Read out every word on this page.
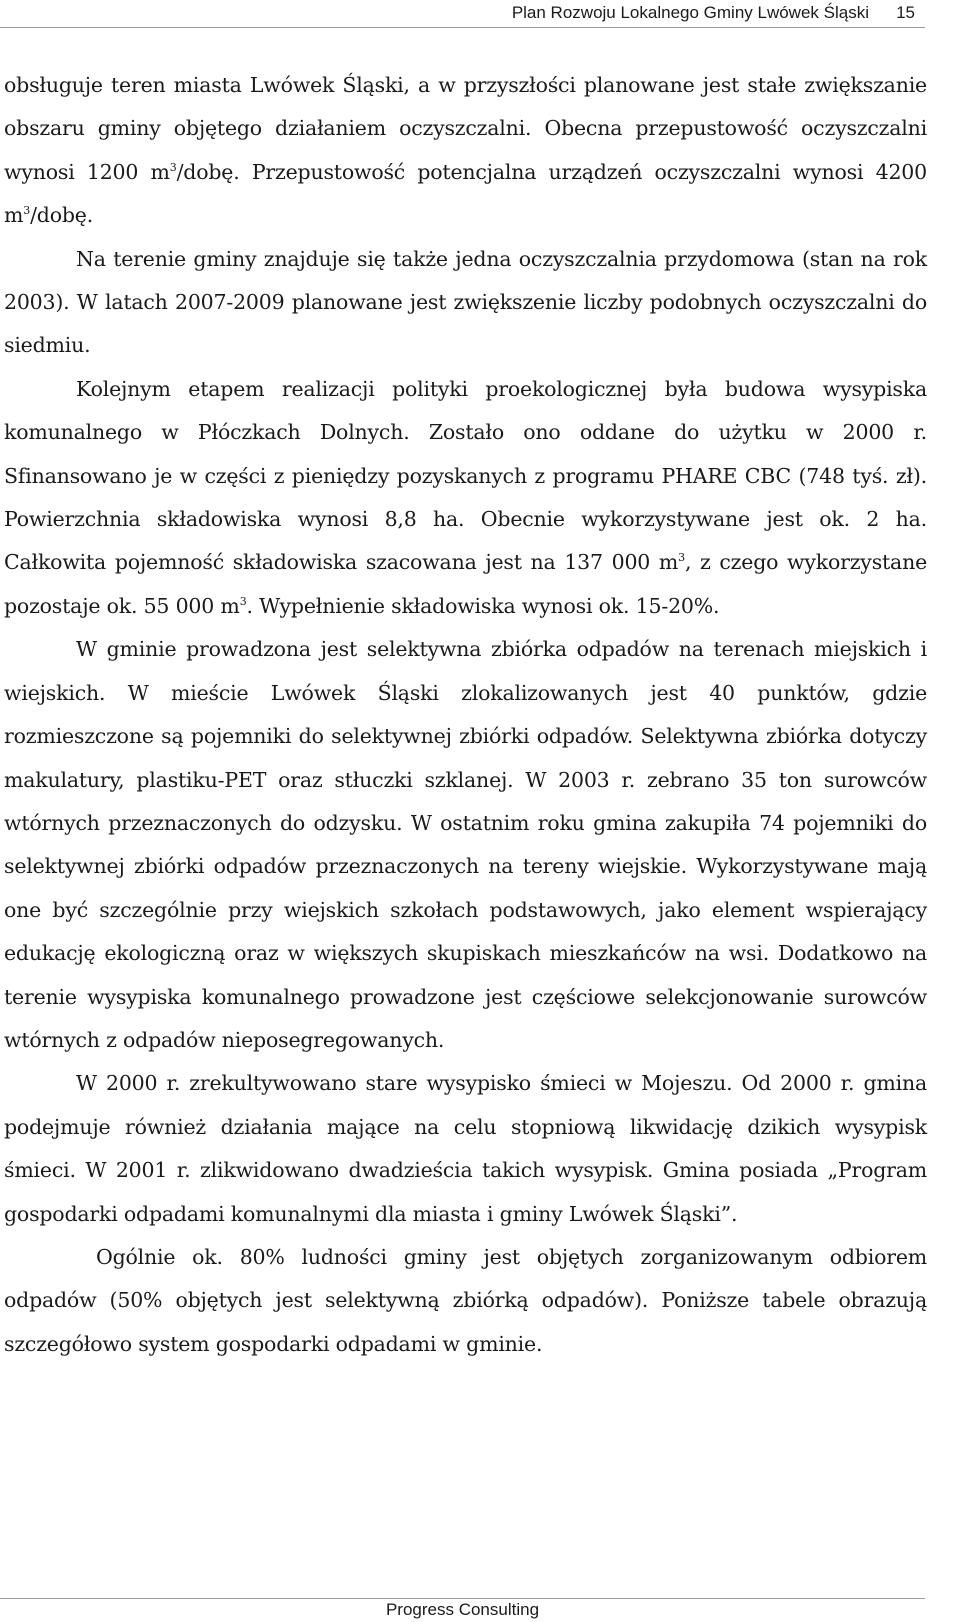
Plan Rozwoju Lokalnego Gminy Lwówek Śląski 15

obsługuje teren miasta Lwówek Śląski, a w przyszłości planowane jest stałe zwiększanie obszaru gminy objętego działaniem oczyszczalni. Obecna przepustowość oczyszczalni wynosi 1200 $m^3$/dobę. Przepustowość potencjalna urządzeń oczyszczalni wynosi 4200 $m^3$/dobę.

Na terenie gminy znajduje się także jedna oczyszczalnia przydomowa (stan na rok 2003). W latach 2007-2009 planowane jest zwiększenie liczby podobnych oczyszczalni do siedmiu.

Kolejnym etapem realizacji polityki proekologicznej była budowa wysypiska komunalnego w Płóczkach Dolnych. Zostało ono oddane do użytku w 2000 r. Sfinansowano je w części z pieniędzy pozyskanych z programu PHARE CBC (748 tyś. zł). Powierzchnia składowiska wynosi 8,8 ha. Obecnie wykorzystywane jest ok. 2 ha. Całkowita pojemność składowiska szacowana jest na 137 000 $m^3$, z czego wykorzystane pozostaje ok. 55 000 $m^3$. Wypełnienie składowiska wynosi ok. 15-20%.

W gminie prowadzona jest selektywna zbiórka odpadów na terenach miejskich i wiejskich. W mieście Lwówek Śląski zlokalizowanych jest 40 punktów, gdzie rozmieszczone są pojemniki do selektywnej zbiórki odpadów. Selektywna zbiórka dotyczy makulatury, plastiku-PET oraz stłuczki szklanej. W 2003 r. zebrano 35 ton surowców wtórnych przeznaczonych do odzysku. W ostatnim roku gmina zakupiła 74 pojemniki do selektywnej zbiórki odpadów przeznaczonych na tereny wiejskie. Wykorzystywane mają one być szczególnie przy wiejskich szkołach podstawowych, jako element wspierający edukację ekologiczną oraz w większych skupiskach mieszkańców na wsi. Dodatkowo na terenie wysypiska komunalnego prowadzone jest częściowe selekcjonowanie surowców wtórnych z odpadów nieposegregowanych.

W 2000 r. zrekultywowano stare wysypisko śmieci w Mojeszu. Od 2000 r. gmina podejmuje również działania mające na celu stopniową likwidację dzikich wysypisk śmieci. W 2001 r. zlikwidowano dwadzieścia takich wysypisk. Gmina posiada „Program gospodarki odpadami komunalnymi dla miasta i gminy Lwówek Śląski”.

Ogólnie ok. 80% ludności gminy jest objętych zorganizowanym odbiorem odpadów (50% objętych jest selektywną zbiórką odpadów). Poniższe tabele obrazują szczegółowo system gospodarki odpadami w gminie.

Progress Consulting
